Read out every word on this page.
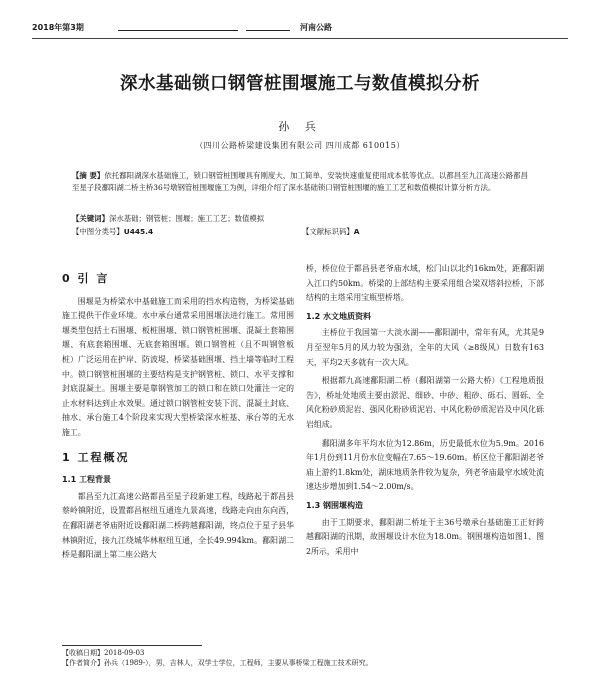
2018年第3期	河南公路
深水基础锁口钢管桩围堰施工与数值模拟分析
孙 兵
（四川公路桥梁建设集团有限公司 四川成都 610015）
【摘 要】依托鄱阳湖深水基础施工，锁口钢管桩围堰具有刚度大、加工简单、安装快速重复使用成本低等优点。以都昌至九江高速公路都昌至星子段鄱阳湖二桥主桥36号墩钢管桩围堰施工为例，详细介绍了深水基础锁口钢管桩围堰的施工工艺和数值模拟计算分析方法。
【关键词】深水基础；钢管桩；围堰；施工工艺；数值模拟
【中图分类号】U445.4	【文献标识码】A
0 引 言

围堰是为桥梁水中基础施工而采用的挡水构造物，为桥梁基础施工提供干作业环境。水中承台通常采用围堰法进行施工。常用围堰类型包括土石围堰、板桩围堰、锁口钢管桩围堰、混凝土套箱围堰、有底套箱围堰、无底套箱围堰。锁口钢管桩（且不叫钢管板桩）广泛运用在护岸、防波堤、桥梁基础围堰、挡土墙等临时工程中。锁口钢管桩围堰的主要结构是支护钢管桩、锁口、水平支撑和封底混凝土。围堰主要是靠钢管加工的锁口和在锁口处灌注一定的止水材料达到止水效果。通过锁口钢管桩安装下沉、混凝土封底、抽水、承台施工4个阶段来实现大型桥梁深水桩基、承台等的无水施工。

1 工程概况
1.1 工程背景

都昌至九江高速公路都昌至星子段新建工程，线路起于都昌县蔡岭镇附近，设置都昌枢纽互通连九景高速，线路走向由东向西，在鄱阳湖老爷庙附近设鄱阳湖二桥跨越鄱阳湖，终点位于星子县华林镇附近，接九江绕城华林枢纽互通，全长49.994km。鄱阳湖二桥是鄱阳湖上第二座公路大

桥，桥位位于都昌县老爷庙水域，松门山以北约16km处，距鄱阳湖入江口约50km。桥梁的上部结构主要采用组合梁双塔斜拉桥，下部结构的主塔采用宝瓶型桥塔。

1.2 水文地质资料

主桥位于我国第一大淡水湖——鄱阳湖中，常年有风，尤其是9月至翌年5月的风力较为强劲，全年的大风（≥8级风）日数有163天，平均2天多就有一次大风。

根据都九高速鄱阳湖二桥（鄱阳湖第一公路大桥）《工程地质报告》，桥址处地质主要由淤泥、细砂、中砂、粗砂、砾石、圆砾、全风化粉砂质泥岩、强风化粉砂质泥岩、中风化粉砂质泥岩及中风化砾岩组成。

鄱阳湖多年平均水位为12.86m，历史最低水位为5.9m。2016年1月份到11月份水位变幅在7.65～19.60m。桥区位于鄱阳湖老爷庙上游约1.8km处，湖床地质条件较为复杂，列老爷庙最窄水域处流速达步增加到1.54～2.00m/s。

1.3 钢围堰构造

由于工期要求，鄱阳湖二桥址于主36号墩承台基础施工正好跨越鄱阳湖的汛期，故围堰设计水位为18.0m。钢围堰构造如图1、图2所示，采用中

【收稿日期】2018-09-03
【作者简介】孙兵（1989-），男，吉林人，双学士学位，工程师，主要从事桥梁工程施工技术研究。
